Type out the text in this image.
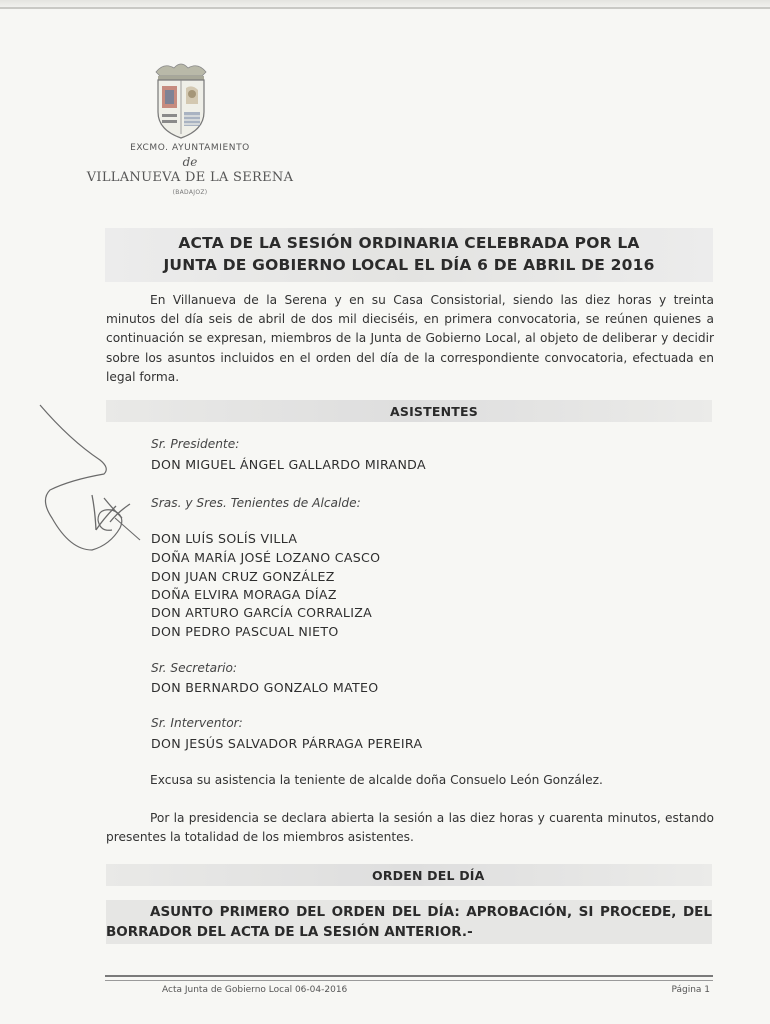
EXCMO. AYUNTAMIENTO
de
VILLANUEVA DE LA SERENA
(BADAJOZ)
ACTA DE LA SESIÓN ORDINARIA CELEBRADA POR LA
JUNTA DE GOBIERNO LOCAL EL DÍA 6 DE ABRIL DE 2016
En Villanueva de la Serena y en su Casa Consistorial, siendo las diez horas y treinta minutos del día seis de abril de dos mil dieciséis, en primera convocatoria, se reúnen quienes a continuación se expresan, miembros de la Junta de Gobierno Local, al objeto de deliberar y decidir sobre los asuntos incluidos en el orden del día de la correspondiente convocatoria, efectuada en legal forma.
ASISTENTES
Sr. Presidente:
DON MIGUEL ÁNGEL GALLARDO MIRANDA
Sras. y Sres. Tenientes de Alcalde:
DON LUÍS SOLÍS VILLA
DOÑA MARÍA JOSÉ LOZANO CASCO
DON JUAN CRUZ GONZÁLEZ
DOÑA ELVIRA MORAGA DÍAZ
DON ARTURO GARCÍA CORRALIZA
DON PEDRO PASCUAL NIETO
Sr. Secretario:
DON BERNARDO GONZALO MATEO
Sr. Interventor:
DON JESÚS SALVADOR PÁRRAGA PEREIRA
Excusa su asistencia la teniente de alcalde doña Consuelo León González.
Por la presidencia se declara abierta la sesión a las diez horas y cuarenta minutos, estando presentes la totalidad de los miembros asistentes.
ORDEN DEL DÍA
ASUNTO PRIMERO DEL ORDEN DEL DÍA: APROBACIÓN, SI PROCEDE, DEL BORRADOR DEL ACTA DE LA SESIÓN ANTERIOR.-
Acta Junta de Gobierno Local 06-04-2016	Página 1
